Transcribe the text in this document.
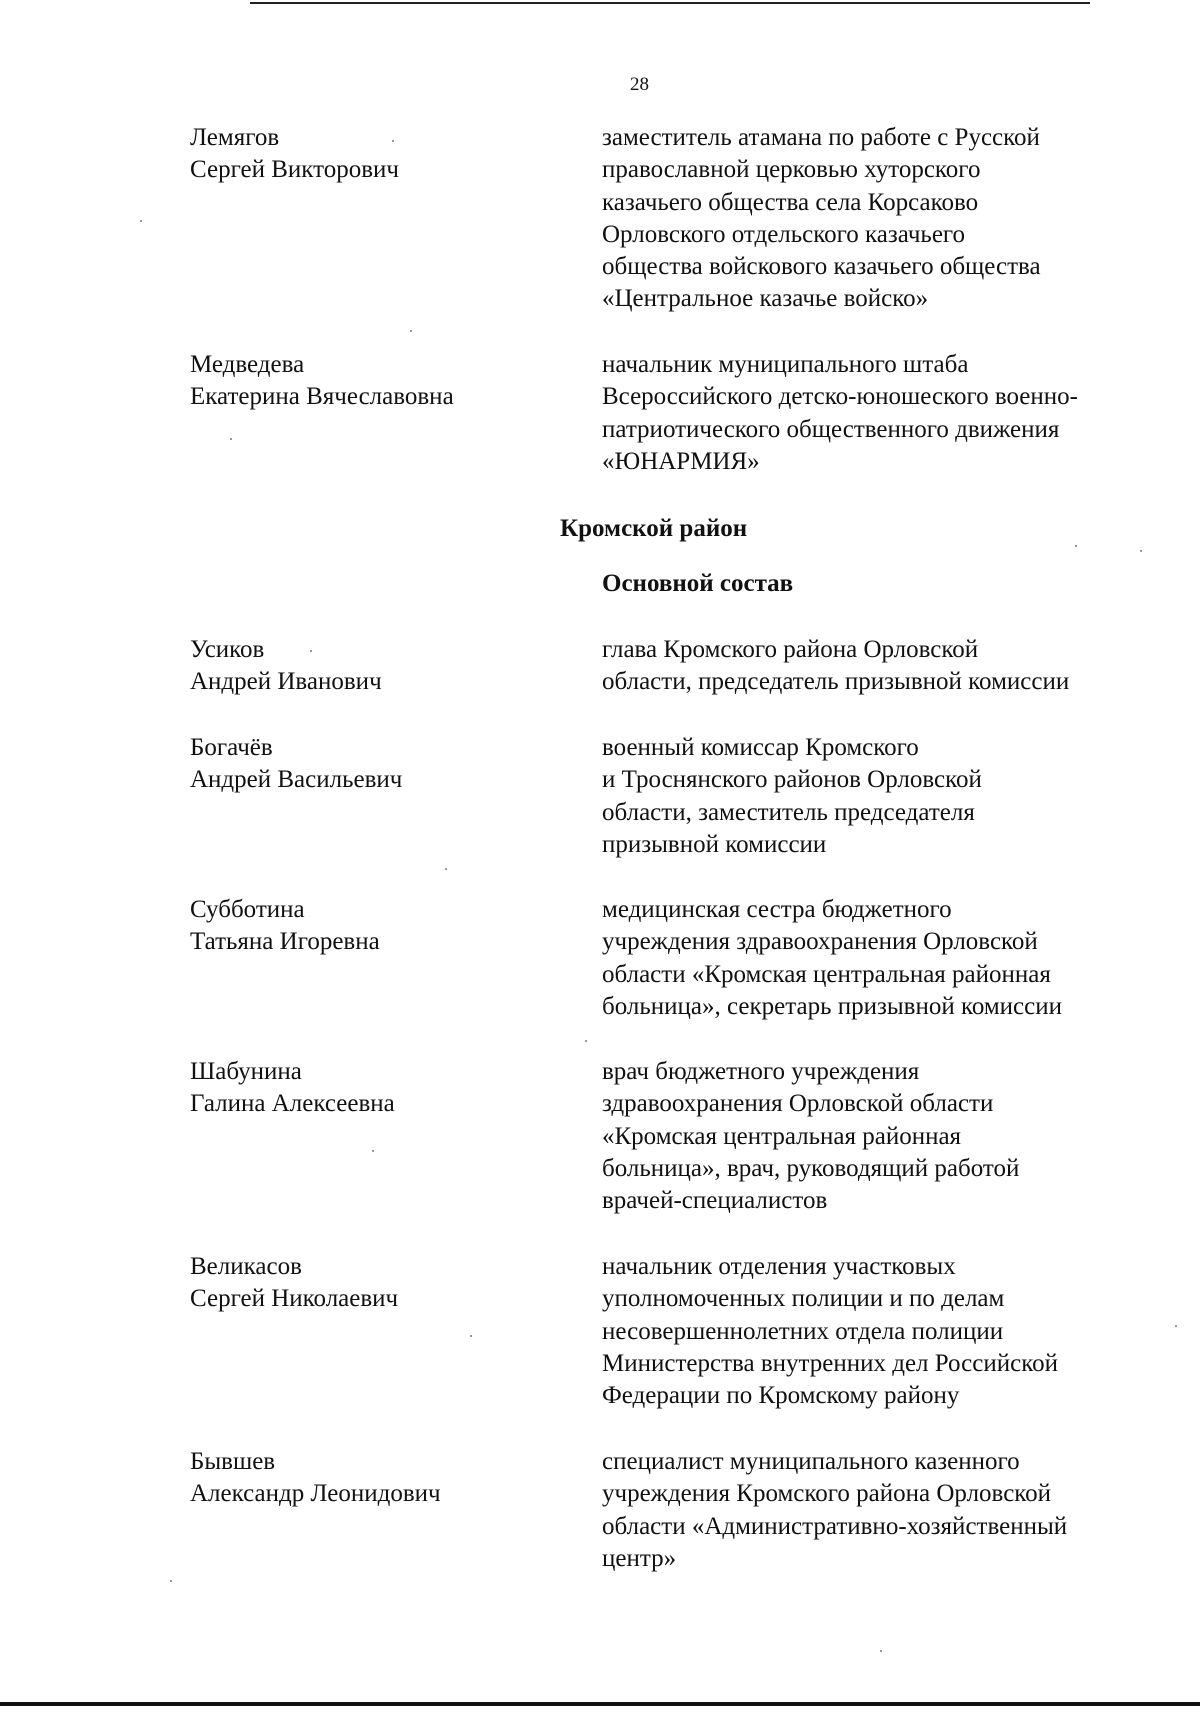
28

Лемягов
Сергей Викторович

заместитель атамана по работе с Русской
православной церковью хуторского
казачьего общества села Корсаково
Орловского отдельского казачьего
общества войскового казачьего общества
«Центральное казачье войско»

Медведева
Екатерина Вячеславовна

начальник муниципального штаба
Всероссийского детско-юношеского военно-
патриотического общественного движения
«ЮНАРМИЯ»

Кромской район
Основной состав

Усиков
Андрей Иванович

глава Кромского района Орловской
области, председатель призывной комиссии

Богачёв
Андрей Васильевич

военный комиссар Кромского
и Троснянского районов Орловской
области, заместитель председателя
призывной комиссии

Субботина
Татьяна Игоревна

медицинская сестра бюджетного
учреждения здравоохранения Орловской
области «Кромская центральная районная
больница», секретарь призывной комиссии

Шабунина
Галина Алексеевна

врач бюджетного учреждения
здравоохранения Орловской области
«Кромская центральная районная
больница», врач, руководящий работой
врачей-специалистов

Великасов
Сергей Николаевич

начальник отделения участковых
уполномоченных полиции и по делам
несовершеннолетних отдела полиции
Министерства внутренних дел Российской
Федерации по Кромскому району

Бывшев
Александр Леонидович

специалист муниципального казенного
учреждения Кромского района Орловской
области «Административно-хозяйственный
центр»
